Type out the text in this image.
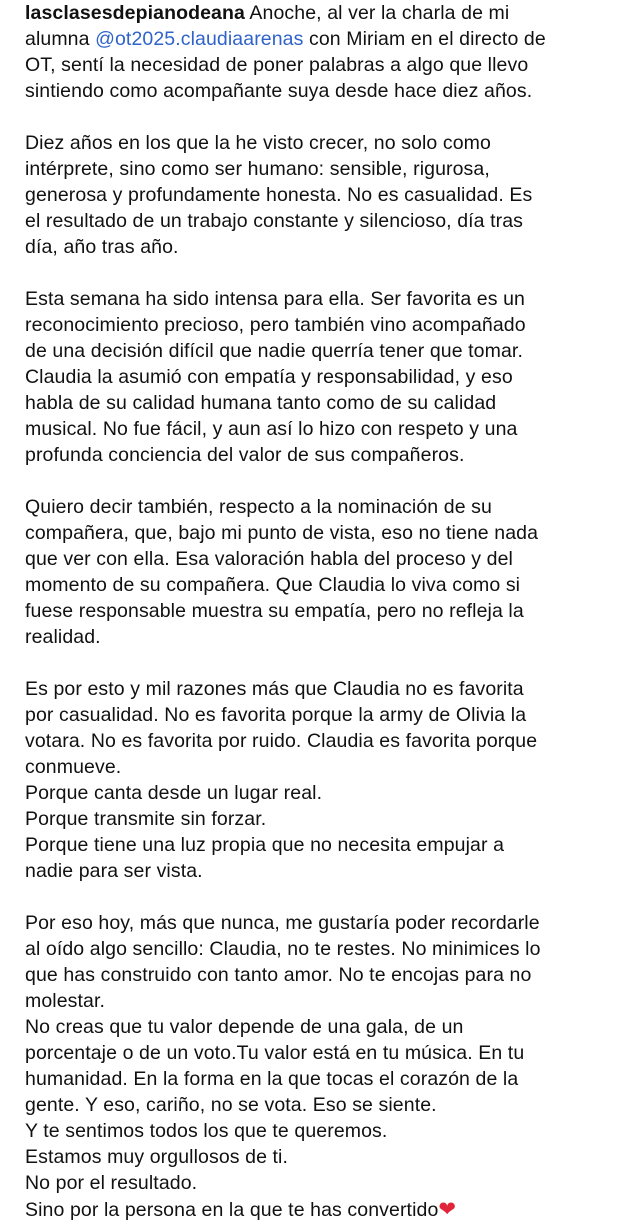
lasclasesdepianodeana Anoche, al ver la charla de mi
alumna @ot2025.claudiaarenas con Miriam en el directo de
OT, sentí la necesidad de poner palabras a algo que llevo
sintiendo como acompañante suya desde hace diez años.
Diez años en los que la he visto crecer, no solo como
intérprete, sino como ser humano: sensible, rigurosa,
generosa y profundamente honesta. No es casualidad. Es
el resultado de un trabajo constante y silencioso, día tras
día, año tras año.
Esta semana ha sido intensa para ella. Ser favorita es un
reconocimiento precioso, pero también vino acompañado
de una decisión difícil que nadie querría tener que tomar.
Claudia la asumió con empatía y responsabilidad, y eso
habla de su calidad humana tanto como de su calidad
musical. No fue fácil, y aun así lo hizo con respeto y una
profunda conciencia del valor de sus compañeros.
Quiero decir también, respecto a la nominación de su
compañera, que, bajo mi punto de vista, eso no tiene nada
que ver con ella. Esa valoración habla del proceso y del
momento de su compañera. Que Claudia lo viva como si
fuese responsable muestra su empatía, pero no refleja la
realidad.
Es por esto y mil razones más que Claudia no es favorita
por casualidad. No es favorita porque la army de Olivia la
votara. No es favorita por ruido. Claudia es favorita porque
conmueve.
Porque canta desde un lugar real.
Porque transmite sin forzar.
Porque tiene una luz propia que no necesita empujar a
nadie para ser vista.
Por eso hoy, más que nunca, me gustaría poder recordarle
al oído algo sencillo: Claudia, no te restes. No minimices lo
que has construido con tanto amor. No te encojas para no
molestar.
No creas que tu valor depende de una gala, de un
porcentaje o de un voto.Tu valor está en tu música. En tu
humanidad. En la forma en la que tocas el corazón de la
gente. Y eso, cariño, no se vota. Eso se siente.
Y te sentimos todos los que te queremos.
Estamos muy orgullosos de ti.
No por el resultado.
Sino por la persona en la que te has convertido❤
